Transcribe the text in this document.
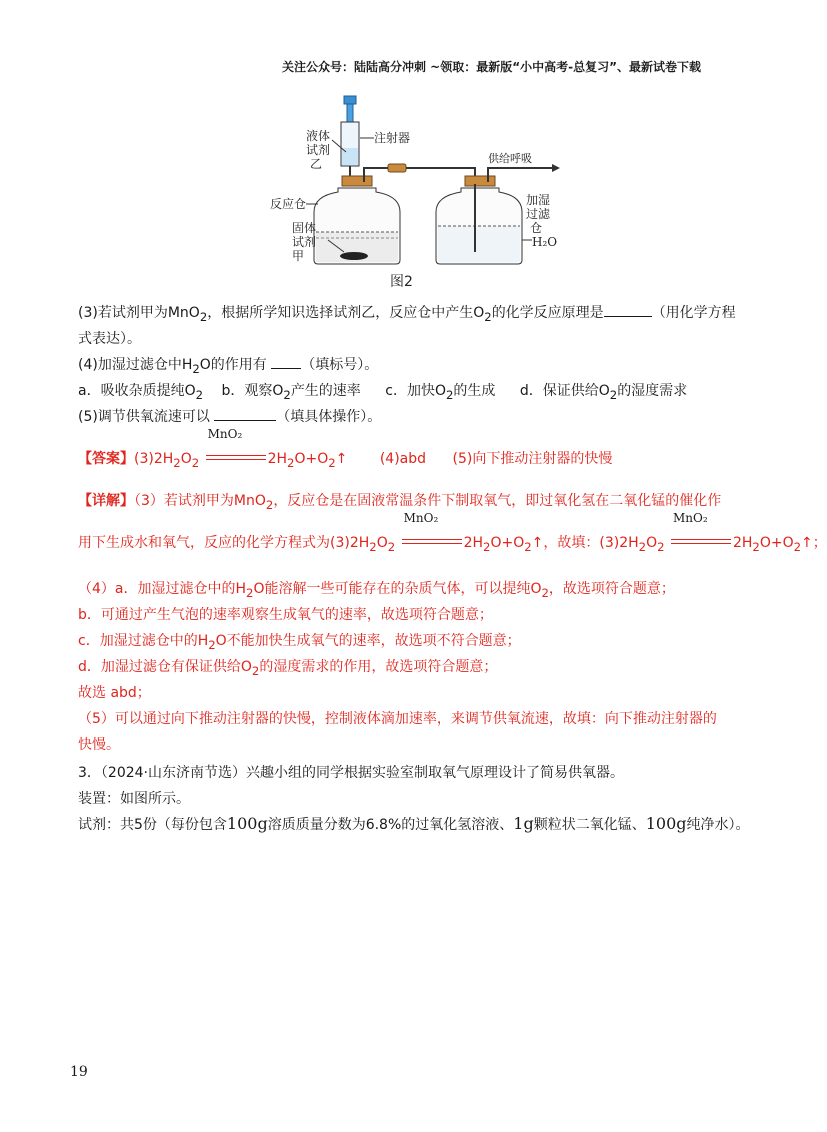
关注公众号：陆陆高分冲刺 ~领取：最新版“小中高考-总复习”、最新试卷下载
液体
试剂
乙
注射器
供给呼吸
反应仓
固体
试剂
甲
加湿
过滤
仓
H₂O
图2
(3)若试剂甲为MnO$_2$，根据所学知识选择试剂乙，反应仓中产生$O_2$的化学反应原理是	（用化学方程
式表达）。
(4)加湿过滤仓中$H_2O$的作用有 （填标号）。
a．吸收杂质提纯$O_2$ b．观察$O_2$产生的速率 c．加快$O_2$的生成 d．保证供给$O_2$的湿度需求
(5)调节供氧流速可以	（填具体操作）。
【答案】$(3)2H_2O_2$
MnO₂
$2H_2O+O_2↑$ (4)abd (5)向下推动注射器的快慢
【详解】（3）若试剂甲为MnO$_2$，反应仓是在固液常温条件下制取氧气，即过氧化氢在二氧化锰的催化作
用下生成水和氧气，反应的化学方程式为$(3)2H_2O_2$
MnO₂
$2H_2O+O_2↑$，故填：$(3)2H_2O_2$
MnO₂
$2H_2O+O_2↑$；
（4）a．加湿过滤仓中的$H_2O$能溶解一些可能存在的杂质气体，可以提纯$O_2$，故选项符合题意；
b．可通过产生气泡的速率观察生成氧气的速率，故选项符合题意；
c．加湿过滤仓中的$H_2O$不能加快生成氧气的速率，故选项不符合题意；
d．加湿过滤仓有保证供给$O_2$的湿度需求的作用，故选项符合题意；
故选 abd；
（5）可以通过向下推动注射器的快慢，控制液体滴加速率，来调节供氧流速，故填：向下推动注射器的
快慢。
3．（2024·山东济南节选）兴趣小组的同学根据实验室制取氧气原理设计了简易供氧器。
装置：如图所示。
试剂：共5份（每份包含100g溶质质量分数为6.8%的过氧化氢溶液、1g颗粒状二氧化锰、100g纯净水）。
19
